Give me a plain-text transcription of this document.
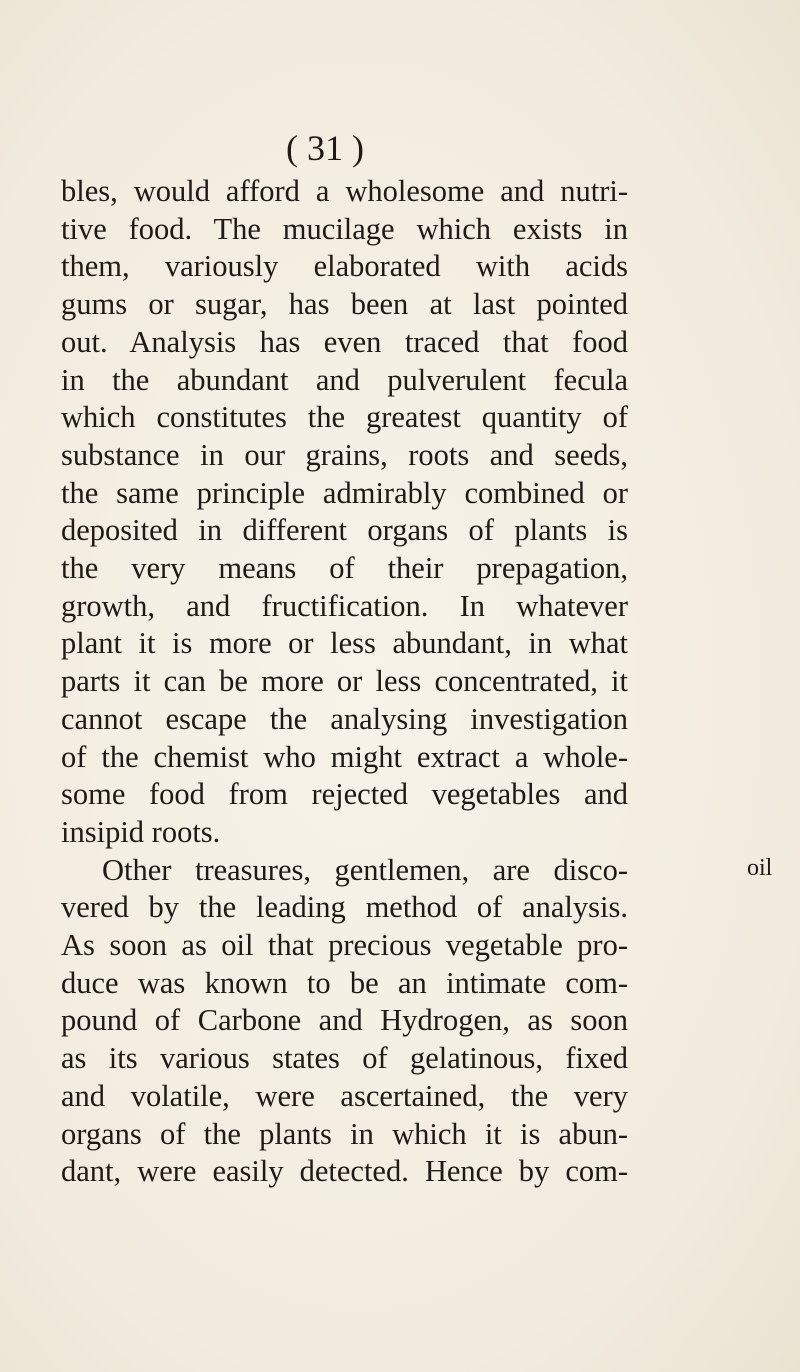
( 31 )
bles, would afford a wholesome and nutri-
tive food. The mucilage which exists in
them, variously elaborated with acids
gums or sugar, has been at last pointed
out. Analysis has even traced that food
in the abundant and pulverulent fecula
which constitutes the greatest quantity of
substance in our grains, roots and seeds,
the same principle admirably combined or
deposited in different organs of plants is
the very means of their prepagation,
growth, and fructification. In whatever
plant it is more or less abundant, in what
parts it can be more or less concentrated, it
cannot escape the analysing investigation
of the chemist who might extract a whole-
some food from rejected vegetables and
insipid roots.
Other treasures, gentlemen, are disco-
vered by the leading method of analysis.
As soon as oil that precious vegetable pro-
duce was known to be an intimate com-
pound of Carbone and Hydrogen, as soon
as its various states of gelatinous, fixed
and volatile, were ascertained, the very
organs of the plants in which it is abun-
dant, were easily detected. Hence by com-
oil
